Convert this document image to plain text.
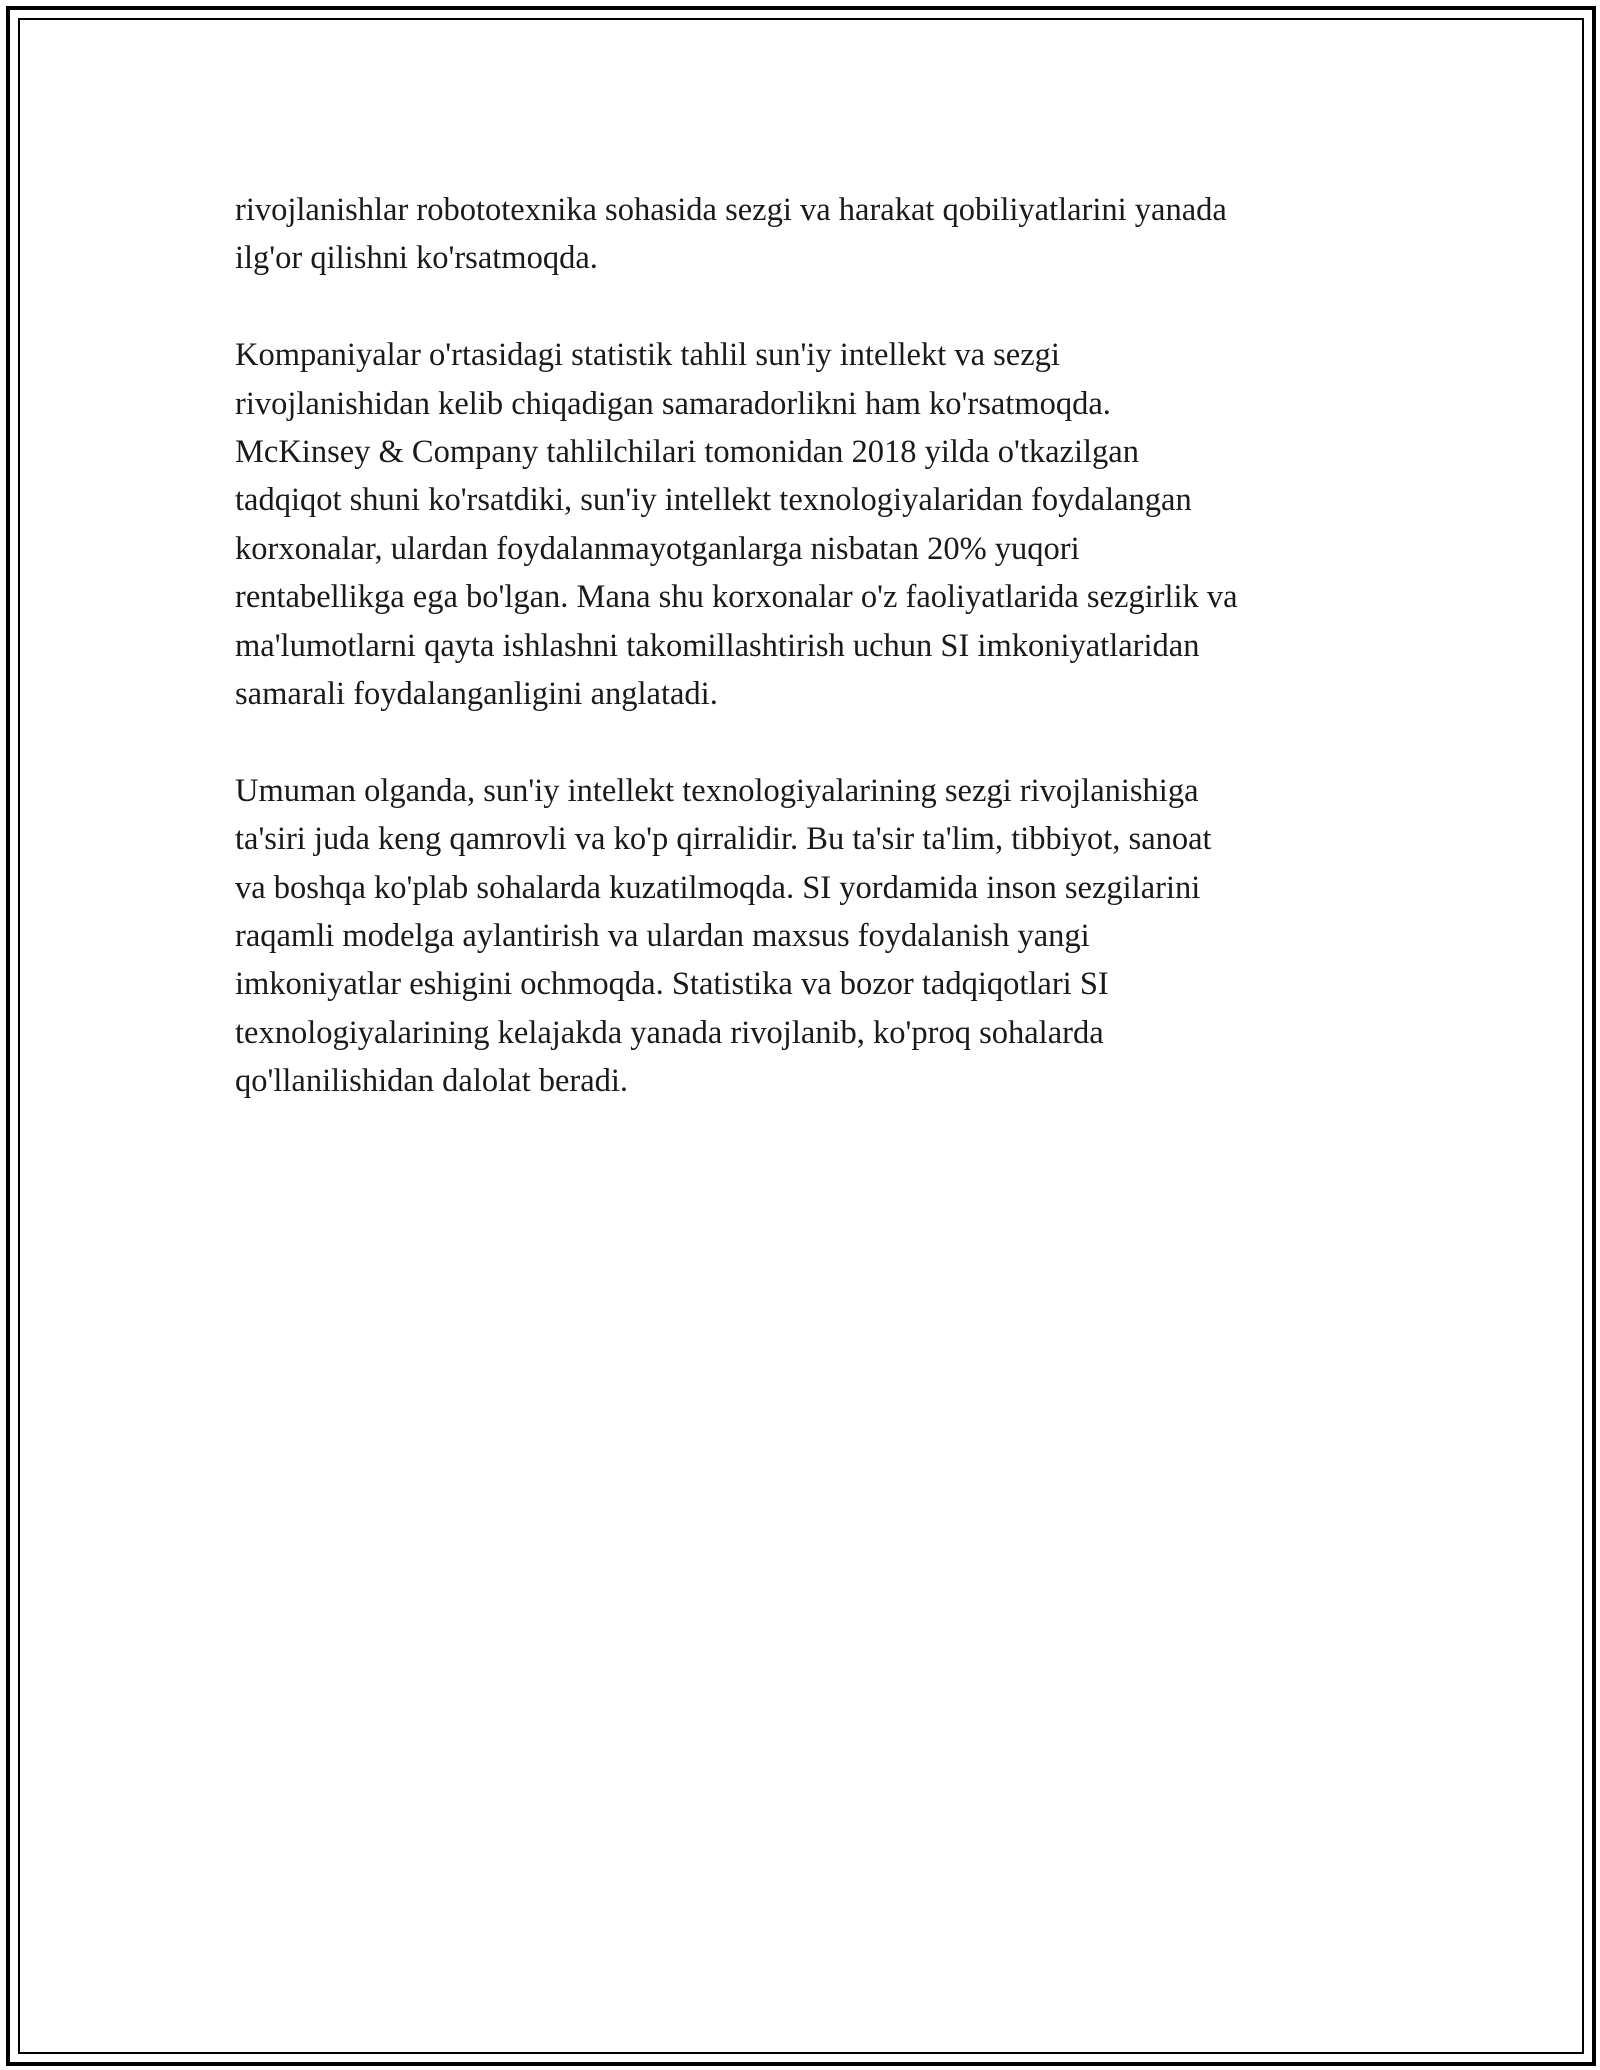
rivojlanishlar robototexnika sohasida sezgi va harakat qobiliyatlarini yanada
ilg'or qilishni ko'rsatmoqda.

Kompaniyalar o'rtasidagi statistik tahlil sun'iy intellekt va sezgi
rivojlanishidan kelib chiqadigan samaradorlikni ham ko'rsatmoqda.
McKinsey & Company tahlilchilari tomonidan 2018 yilda o'tkazilgan
tadqiqot shuni ko'rsatdiki, sun'iy intellekt texnologiyalaridan foydalangan
korxonalar, ulardan foydalanmayotganlarga nisbatan 20% yuqori
rentabellikga ega bo'lgan. Mana shu korxonalar o'z faoliyatlarida sezgirlik va
ma'lumotlarni qayta ishlashni takomillashtirish uchun SI imkoniyatlaridan
samarali foydalanganligini anglatadi.

Umuman olganda, sun'iy intellekt texnologiyalarining sezgi rivojlanishiga
ta'siri juda keng qamrovli va ko'p qirralidir. Bu ta'sir ta'lim, tibbiyot, sanoat
va boshqa ko'plab sohalarda kuzatilmoqda. SI yordamida inson sezgilarini
raqamli modelga aylantirish va ulardan maxsus foydalanish yangi
imkoniyatlar eshigini ochmoqda. Statistika va bozor tadqiqotlari SI
texnologiyalarining kelajakda yanada rivojlanib, ko'proq sohalarda
qo'llanilishidan dalolat beradi.
